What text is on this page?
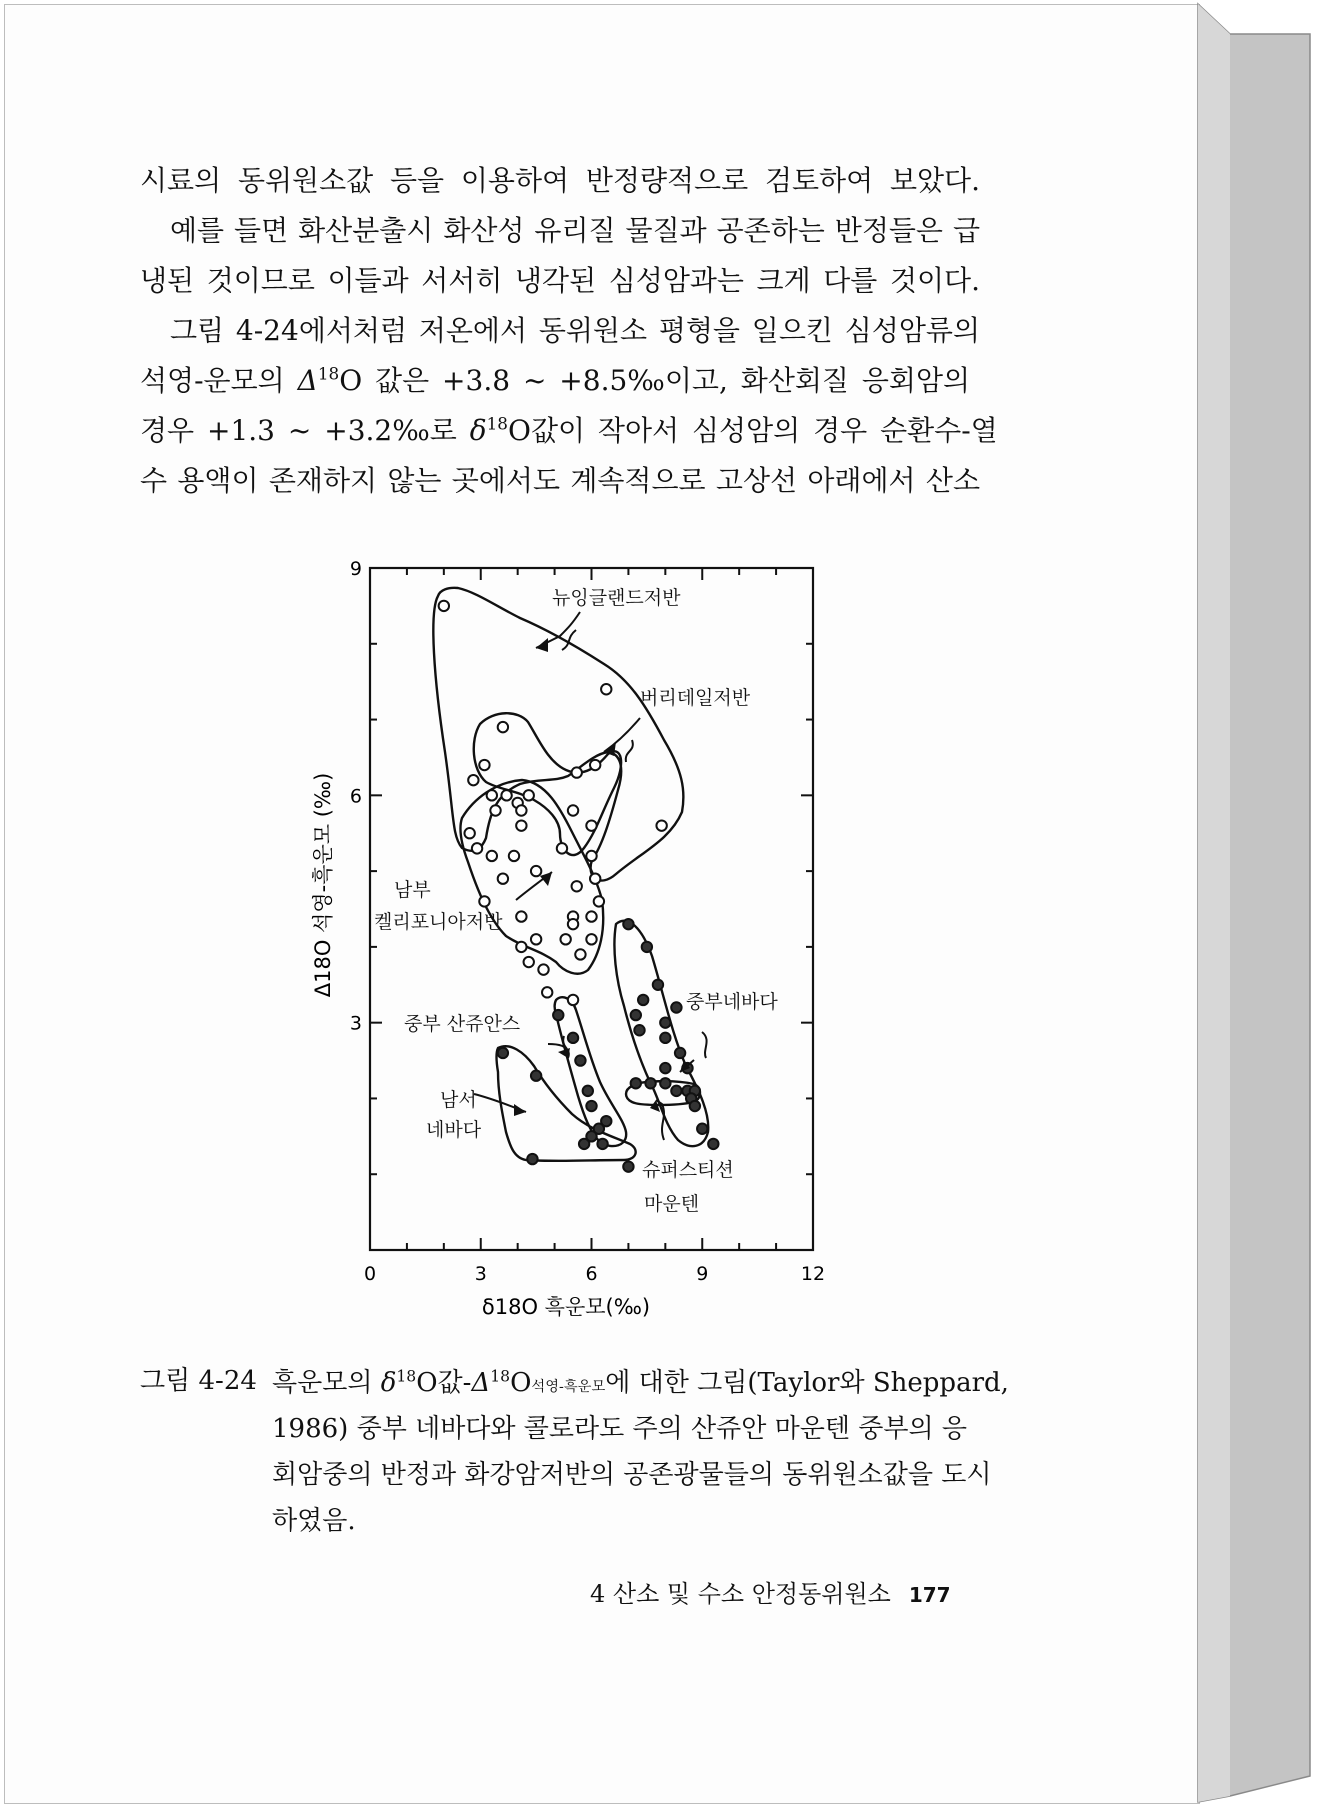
시료의 동위원소값 등을 이용하여 반정량적으로 검토하여 보았다.
예를 들면 화산분출시 화산성 유리질 물질과 공존하는 반정들은 급
냉된 것이므로 이들과 서서히 냉각된 심성암과는 크게 다를 것이다.
그림 4-24에서처럼 저온에서 동위원소 평형을 일으킨 심성암류의
석영-운모의 $\Delta^{18}O$ 값은 +3.8 ~ +8.5‰이고, 화산회질 응회암의
경우 +1.3 ~ +3.2‰로 $\delta^{18}O$값이 작아서 심성암의 경우 순환수-열
수 용액이 존재하지 않는 곳에서도 계속적으로 고상선 아래에서 산소
0	3	6	9	12
3
6
9
뉴잉글랜드저반
버리데일저반
남부
켈리포니아저반
중부네바다
중부 산쥬안스
남서
네바다
슈퍼스티션
마운텐
δ18O 흑운모(‰)
Δ18O 석영-흑운모 (‰)
그림 4-24 흑운모의 $\delta^{18}O$값$-\Delta^{18}O$석영-흑운모에 대한 그림(Taylor와 Sheppard,
1986) 중부 네바다와 콜로라도 주의 산쥬안 마운텐 중부의 응
회암중의 반정과 화강암저반의 공존광물들의 동위원소값을 도시
하였음.
4 산소 및 수소 안정동위원소 177
